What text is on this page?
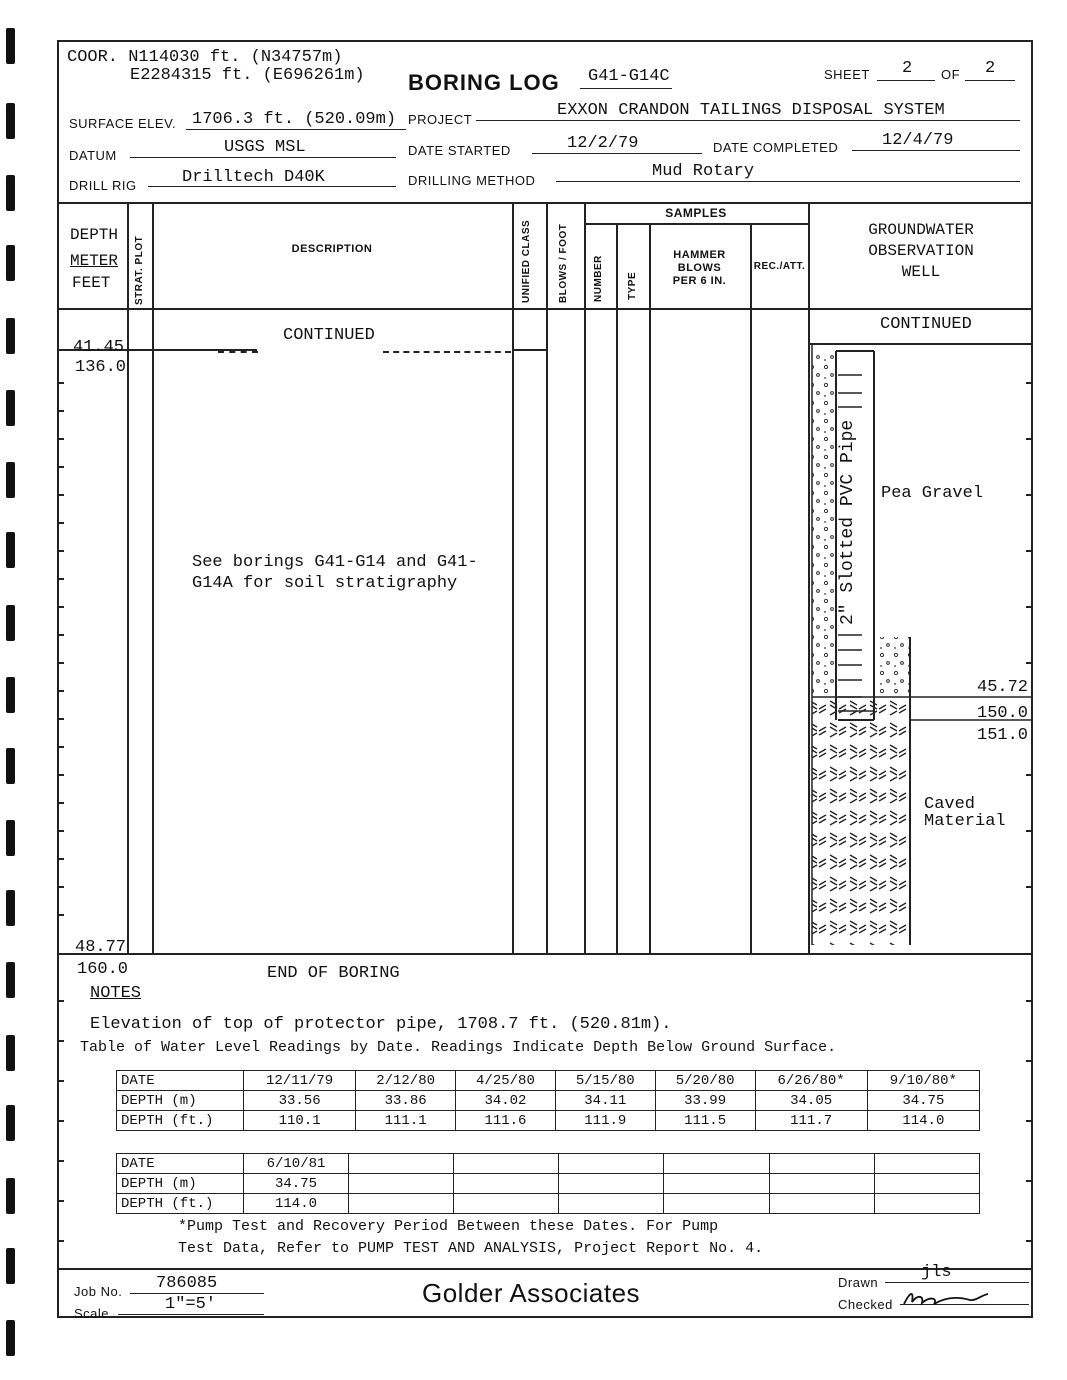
COOR. N114030 ft. (N34757m)
E2284315 ft. (E696261m) BORING LOG G41-G14C	SHEET 2 OF 2
SURFACE ELEV. 1706.3 ft. (520.09m) PROJECT	EXXON CRANDON TAILINGS DISPOSAL SYSTEM
DATUM	USGS MSL	DATE STARTED	12/2/79	DATE COMPLETED	12/4/79
DRILL RIG	Drilltech D40K	DRILLING METHOD	Mud Rotary
DEPTH
METER
FEET STRAT. PLOT	DESCRIPTION	UNIFIED CLASS	BLOWS / FOOT
SAMPLES
NUMBER TYPE
HAMMER
BLOWS
PER 6 IN.
REC./ATT.
GROUNDWATER
OBSERVATION
WELL
CONTINUED
CONTINUED
41.45
136.0
See borings G41-G14 and G41-G14A for soil stratigraphy	2" Slotted PVC Pipe Pea Gravel
45.72
150.0
151.0
Caved Material
48.77
160.0	END OF BORING
NOTES
Elevation of top of protector pipe, 1708.7 ft. (520.81m).
Table of Water Level Readings by Date. Readings Indicate Depth Below Ground Surface.
DATE	12/11/79	2/12/80	4/25/80	5/15/80	5/20/80	6/26/80*	9/10/80*
DEPTH (m)	33.56	33.86	34.02	34.11	33.99	34.05	34.75
DEPTH (ft.)	110.1	111.1	111.6	111.9	111.5	111.7	114.0
DATE	6/10/81						
DEPTH (m)	34.75						
DEPTH (ft.)	114.0						
*Pump Test and Recovery Period Between these Dates. For Pump
Test Data, Refer to PUMP TEST AND ANALYSIS, Project Report No. 4.
Job No. 786085
Scale	1"=5'	Golder Associates	Drawn
jls
Checked
